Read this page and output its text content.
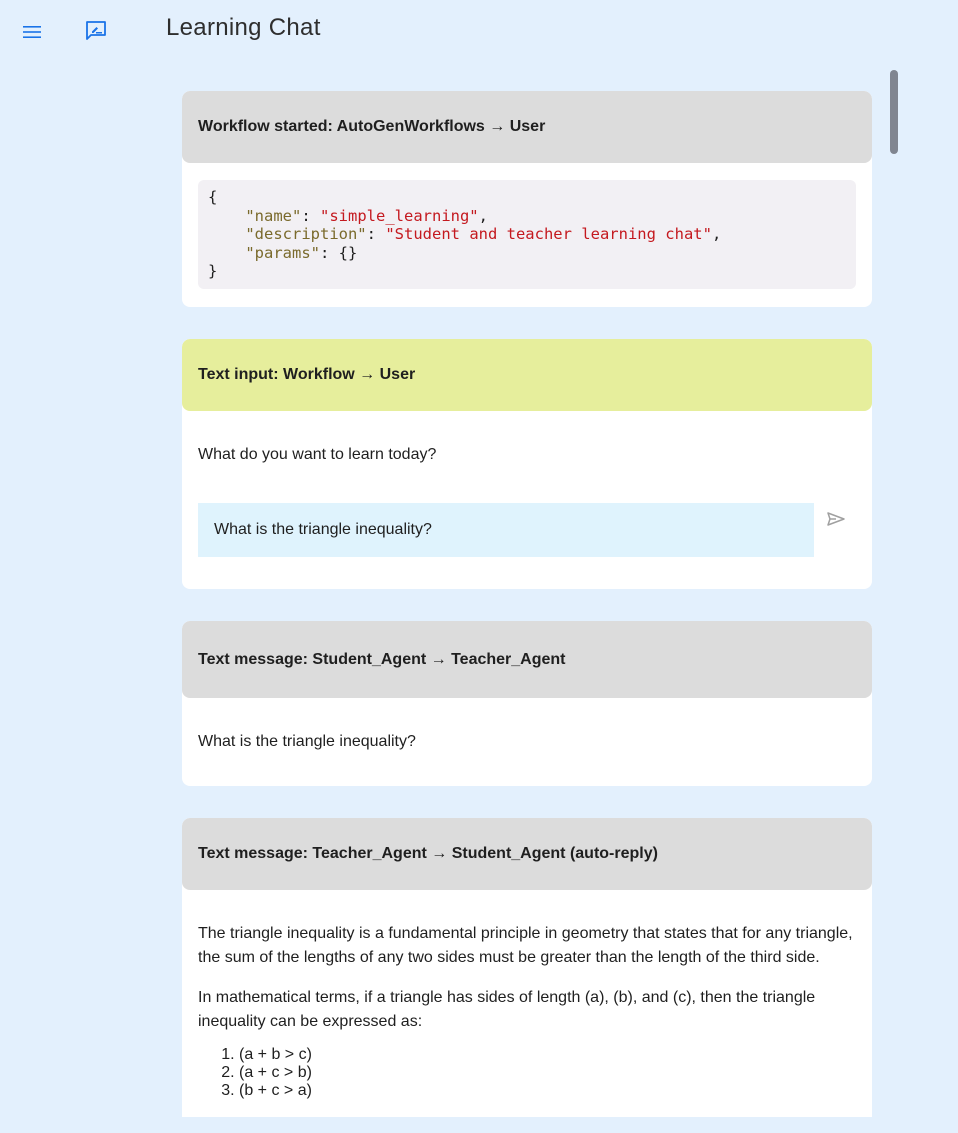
Learning Chat
Workflow started: AutoGenWorkflows → User
{
"name": "simple_learning",
"description": "Student and teacher learning chat",
"params": {}
}
Text input: Workflow → User
What do you want to learn today?
What is the triangle inequality?
Text message: Student_Agent → Teacher_Agent
What is the triangle inequality?
Text message: Teacher_Agent → Student_Agent (auto-reply)

The triangle inequality is a fundamental principle in geometry that states that for any triangle, the sum of the lengths of any two sides must be greater than the length of the third side.

In mathematical terms, if a triangle has sides of length (a), (b), and (c), then the triangle inequality can be expressed as:

1. (a + b > c)
2. (a + c > b)
3. (b + c > a)
